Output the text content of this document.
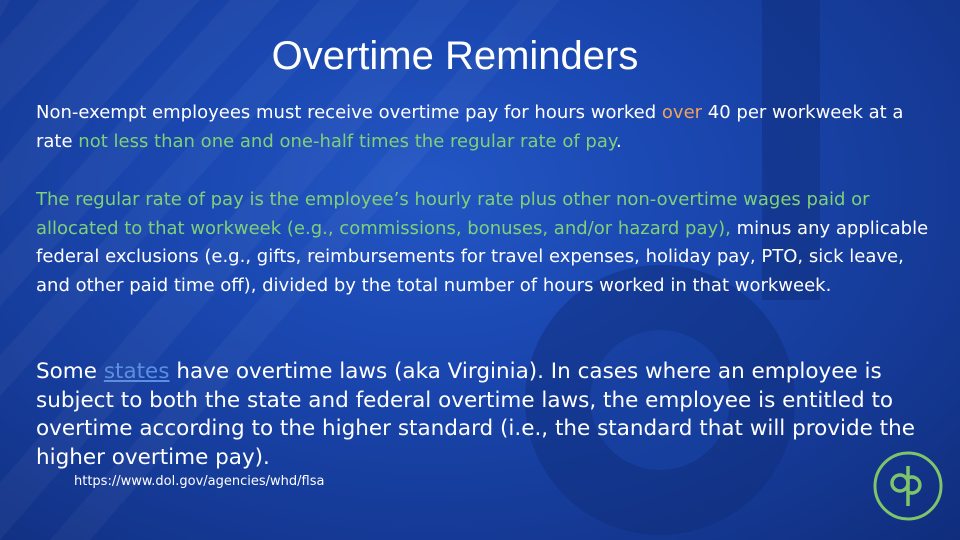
Overtime Reminders

Non-exempt employees must receive overtime pay for hours worked over 40 per workweek at a rate not less than one and one-half times the regular rate of pay.

The regular rate of pay is the employee’s hourly rate plus other non-overtime wages paid or allocated to that workweek (e.g., commissions, bonuses, and/or hazard pay), minus any applicable federal exclusions (e.g., gifts, reimbursements for travel expenses, holiday pay, PTO, sick leave, and other paid time off), divided by the total number of hours worked in that workweek.

Some states have overtime laws (aka Virginia). In cases where an employee is subject to both the state and federal overtime laws, the employee is entitled to overtime according to the higher standard (i.e., the standard that will provide the higher overtime pay).

https://www.dol.gov/agencies/whd/flsa
